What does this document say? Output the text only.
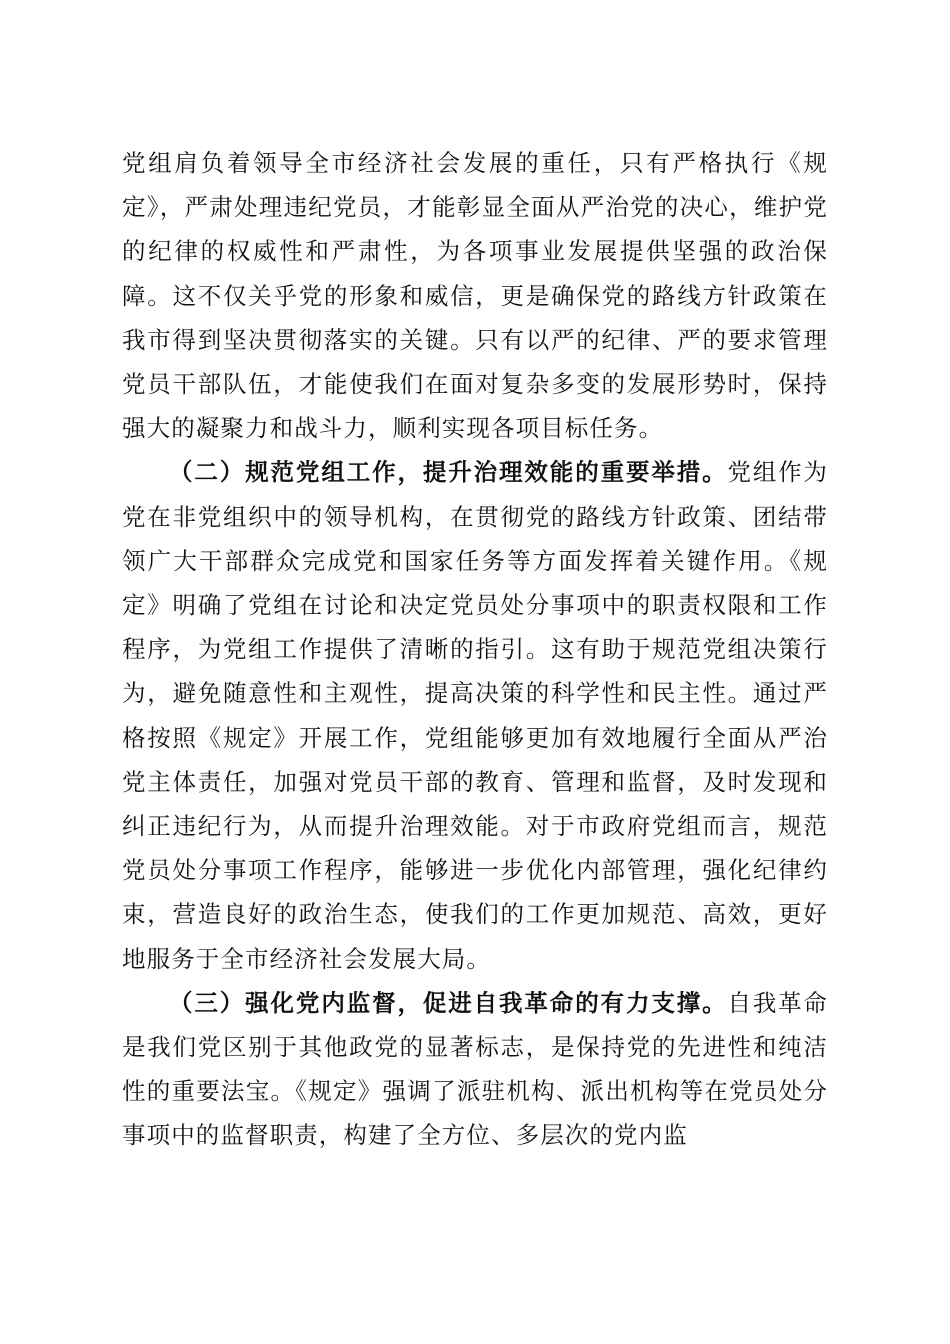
党组肩负着领导全市经济社会发展的重任，只有严格执行《规定》，严肃处理违纪党员，才能彰显全面从严治党的决心，维护党的纪律的权威性和严肃性，为各项事业发展提供坚强的政治保障。这不仅关乎党的形象和威信，更是确保党的路线方针政策在我市得到坚决贯彻落实的关键。只有以严的纪律、严的要求管理党员干部队伍，才能使我们在面对复杂多变的发展形势时，保持强大的凝聚力和战斗力，顺利实现各项目标任务。

（二）规范党组工作，提升治理效能的重要举措。党组作为党在非党组织中的领导机构，在贯彻党的路线方针政策、团结带领广大干部群众完成党和国家任务等方面发挥着关键作用。《规定》明确了党组在讨论和决定党员处分事项中的职责权限和工作程序，为党组工作提供了清晰的指引。这有助于规范党组决策行为，避免随意性和主观性，提高决策的科学性和民主性。通过严格按照《规定》开展工作，党组能够更加有效地履行全面从严治党主体责任，加强对党员干部的教育、管理和监督，及时发现和纠正违纪行为，从而提升治理效能。对于市政府党组而言，规范党员处分事项工作程序，能够进一步优化内部管理，强化纪律约束，营造良好的政治生态，使我们的工作更加规范、高效，更好地服务于全市经济社会发展大局。

（三）强化党内监督，促进自我革命的有力支撑。自我革命是我们党区别于其他政党的显著标志，是保持党的先进性和纯洁性的重要法宝。《规定》强调了派驻机构、派出机构等在党员处分事项中的监督职责，构建了全方位、多层次的党内监
